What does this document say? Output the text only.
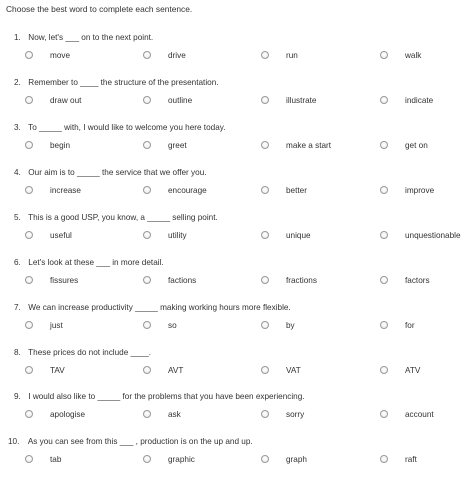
Choose the best word to complete each sentence.
1. Now, let's ___ on to the next point.
move	drive	run	walk
2. Remember to ____ the structure of the presentation.
draw out	outline	illustrate	indicate
3. To _____ with, I would like to welcome you here today.
begin	greet	make a start	get on
4. Our aim is to _____ the service that we offer you.
increase	encourage	better	improve
5. This is a good USP, you know, a _____ selling point.
useful	utility	unique	unquestionable
6. Let's look at these ___ in more detail.
fissures	factions	fractions	factors
7. We can increase productivity _____ making working hours more flexible.
just	so	by	for
8. These prices do not include ____.
TAV	AVT	VAT	ATV
9. I would also like to _____ for the problems that you have been experiencing.
apologise	ask	sorry	account
10. As you can see from this ___ , production is on the up and up.
tab	graphic	graph	raft
